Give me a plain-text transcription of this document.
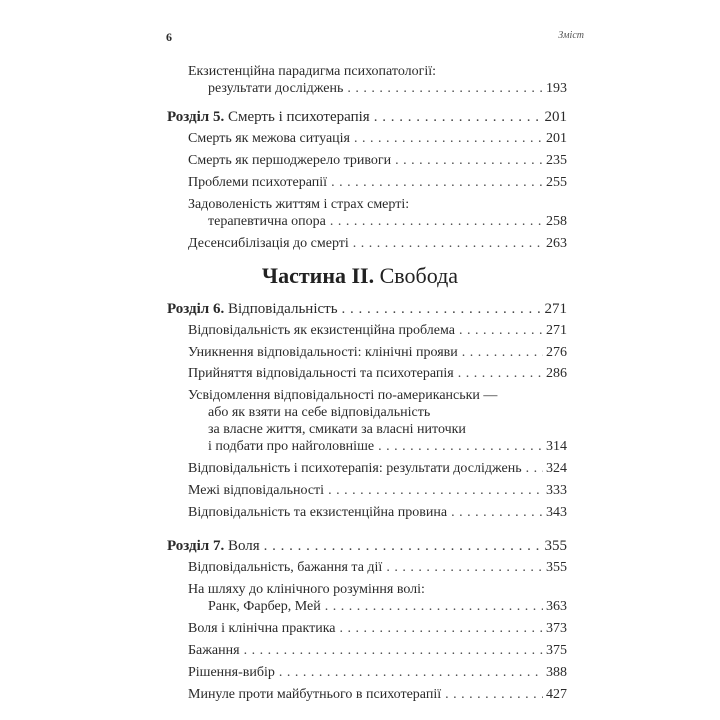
6	Зміст
Екзистенційна парадигма психопатології:
результати досліджень . . .	193
Розділ 5. Смерть і психотерапія . . .	201
Смерть як межова ситуація . . .	201
Смерть як першоджерело тривоги . . .	235
Проблеми психотерапії . . .	255
Задоволеність життям і страх смерті:
терапевтична опора . . .	258
Десенсибілізація до смерті . . .	263
Частина II. Свобода
Розділ 6. Відповідальність . . .	271
Відповідальність як екзистенційна проблема . . .	271
Уникнення відповідальності: клінічні прояви . . .	276
Прийняття відповідальності та психотерапія . . .	286
Усвідомлення відповідальності по-американськи —
або як взяти на себе відповідальність
за власне життя, смикати за власні ниточки
і подбати про найголовніше . . .	314
Відповідальність і психотерапія: результати досліджень . . . 324
Межі відповідальності . . .	333
Відповідальність та екзистенційна провина . . .	343
Розділ 7. Воля . . .	355
Відповідальність, бажання та дії . . .	355
На шляху до клінічного розуміння волі:
Ранк, Фарбер, Мей . . .	363
Воля і клінічна практика . . .	373
Бажання . . .	375
Рішення-вибір . . .	388
Минуле проти майбутнього в психотерапії . . .	427
